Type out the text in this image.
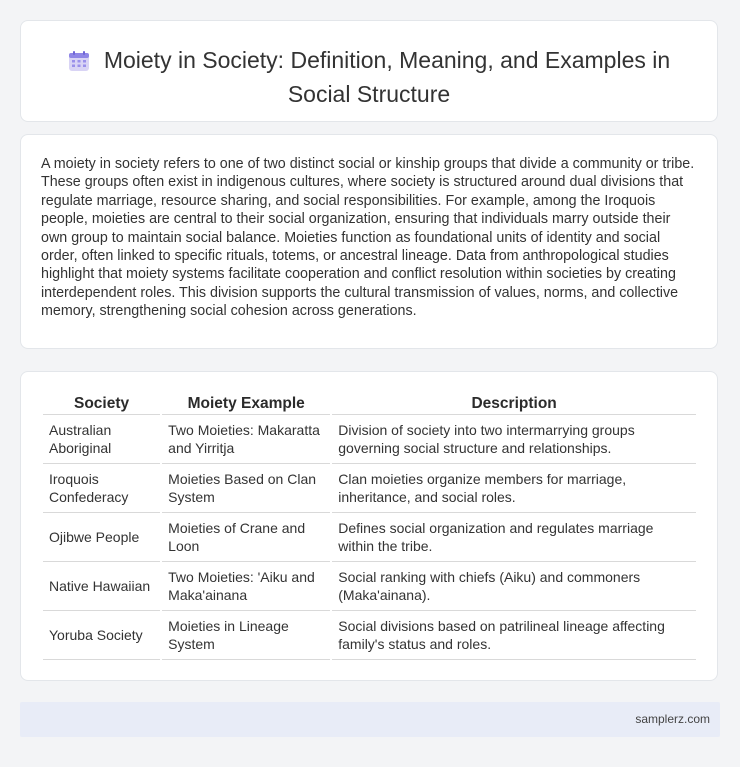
Moiety in Society: Definition, Meaning, and Examples in Social Structure
A moiety in society refers to one of two distinct social or kinship groups that divide a community or tribe. These groups often exist in indigenous cultures, where society is structured around dual divisions that regulate marriage, resource sharing, and social responsibilities. For example, among the Iroquois people, moieties are central to their social organization, ensuring that individuals marry outside their own group to maintain social balance. Moieties function as foundational units of identity and social order, often linked to specific rituals, totems, or ancestral lineage. Data from anthropological studies highlight that moiety systems facilitate cooperation and conflict resolution within societies by creating interdependent roles. This division supports the cultural transmission of values, norms, and collective memory, strengthening social cohesion across generations.
Society	Moiety Example	Description
Australian Aboriginal	Two Moieties: Makaratta and Yirritja	Division of society into two intermarrying groups governing social structure and relationships.
Iroquois Confederacy	Moieties Based on Clan System	Clan moieties organize members for marriage, inheritance, and social roles.
Ojibwe People	Moieties of Crane and Loon	Defines social organization and regulates marriage within the tribe.
Native Hawaiian	Two Moieties: 'Aiku and Maka'ainana	Social ranking with chiefs (Aiku) and commoners (Maka'ainana).
Yoruba Society	Moieties in Lineage System	Social divisions based on patrilineal lineage affecting family's status and roles.
samplerz.com
